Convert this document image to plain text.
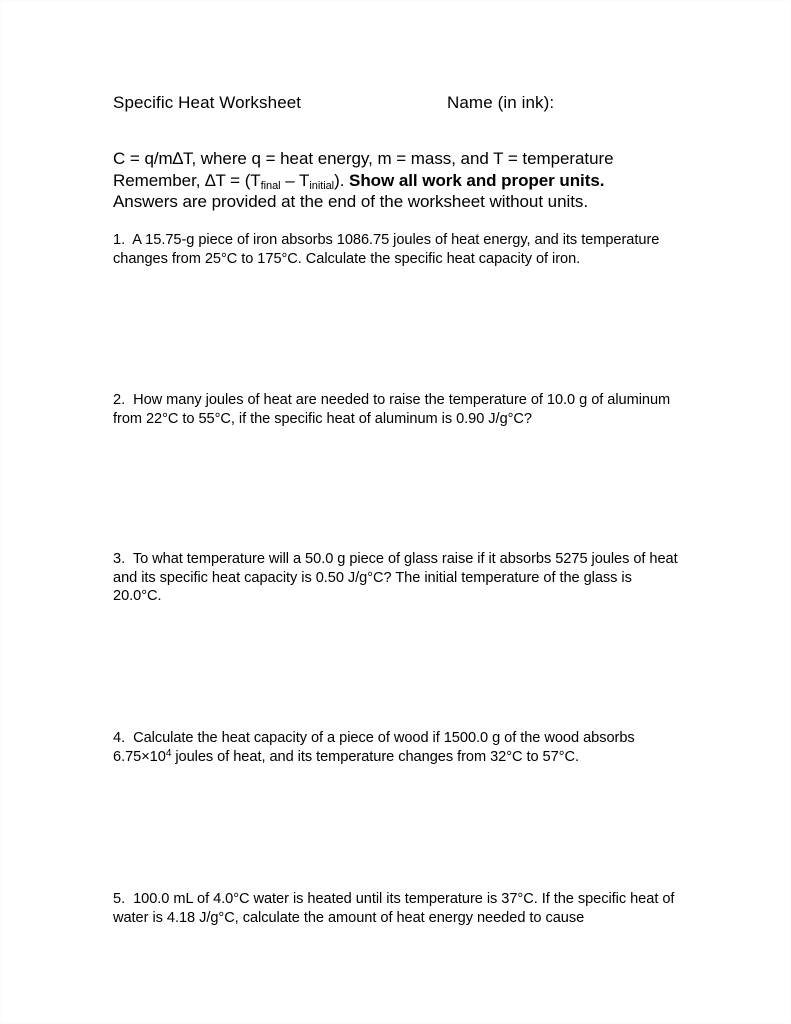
Specific Heat Worksheet	Name (in ink):
C = q/m∆T, where q = heat energy, m = mass, and T = temperature
Remember, $\Delta T = (T_{final} - T_{initial})$. Show all work and proper units.
Answers are provided at the end of the worksheet without units.
1. A 15.75-g piece of iron absorbs 1086.75 joules of heat energy, and its temperature changes from 25°C to 175°C. Calculate the specific heat capacity of iron.
2. How many joules of heat are needed to raise the temperature of 10.0 g of aluminum from 22°C to 55°C, if the specific heat of aluminum is 0.90 J/g°C?
3. To what temperature will a 50.0 g piece of glass raise if it absorbs 5275 joules of heat and its specific heat capacity is 0.50 J/g°C? The initial temperature of the glass is 20.0°C.
4. Calculate the heat capacity of a piece of wood if 1500.0 g of the wood absorbs $6.75\times 10^4$ joules of heat, and its temperature changes from 32°C to 57°C.
5. 100.0 mL of 4.0°C water is heated until its temperature is 37°C. If the specific heat of water is 4.18 J/g°C, calculate the amount of heat energy needed to cause
